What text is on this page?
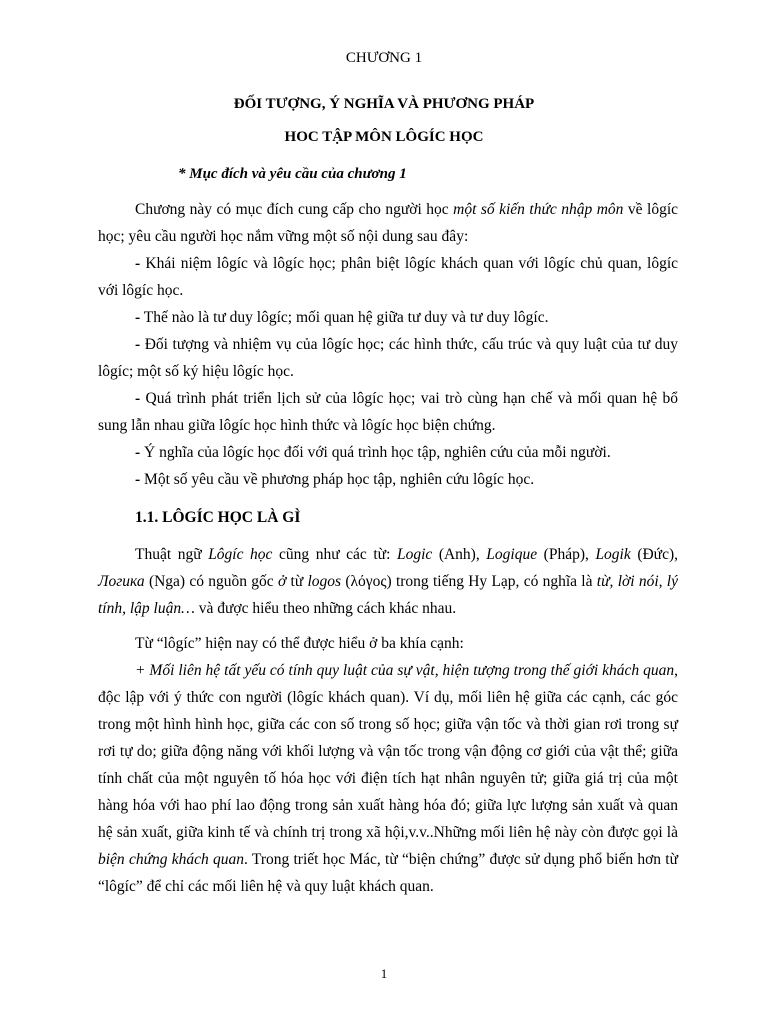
CHƯƠNG 1
ĐỐI TƯỢNG, Ý NGHĨA VÀ PHƯƠNG PHÁP
HOC TẬP MÔN LÔGÍC HỌC
* Mục đích và yêu cầu của chương 1

Chương này có mục đích cung cấp cho người học một số kiến thức nhập môn về lôgíc học; yêu cầu người học nắm vững một số nội dung sau đây:

- Khái niệm lôgíc và lôgíc học; phân biệt lôgíc khách quan với lôgíc chủ quan, lôgíc với lôgíc học.

- Thế nào là tư duy lôgíc; mối quan hệ giữa tư duy và tư duy lôgíc.

- Đối tượng và nhiệm vụ của lôgíc học; các hình thức, cấu trúc và quy luật của tư duy lôgíc; một số ký hiệu lôgíc học.

- Quá trình phát triển lịch sử của lôgíc học; vai trò cùng hạn chế và mối quan hệ bổ sung lẫn nhau giữa lôgíc học hình thức và lôgíc học biện chứng.

- Ý nghĩa của lôgíc học đối với quá trình học tập, nghiên cứu của mỗi người.

- Một số yêu cầu về phương pháp học tập, nghiên cứu lôgíc học.

1.1. LÔGÍC HỌC LÀ GÌ

Thuật ngữ Lôgíc học cũng như các từ: Logic (Anh), Logique (Pháp), Logik (Đức), Логика (Nga) có nguồn gốc ở từ logos (λόγος) trong tiếng Hy Lạp, có nghĩa là từ, lời nói, lý tính, lập luận… và được hiểu theo những cách khác nhau.

Từ “lôgíc” hiện nay có thể được hiểu ở ba khía cạnh:

+ Mối liên hệ tất yếu có tính quy luật của sự vật, hiện tượng trong thế giới khách quan, độc lập với ý thức con người (lôgíc khách quan). Ví dụ, mối liên hệ giữa các cạnh, các góc trong một hình hình học, giữa các con số trong số học; giữa vận tốc và thời gian rơi trong sự rơi tự do; giữa động năng với khối lượng và vận tốc trong vận động cơ giới của vật thể; giữa tính chất của một nguyên tố hóa học với điện tích hạt nhân nguyên tử; giữa giá trị của một hàng hóa với hao phí lao động trong sản xuất hàng hóa đó; giữa lực lượng sản xuất và quan hệ sản xuất, giữa kinh tế và chính trị trong xã hội,v.v..Những mối liên hệ này còn được gọi là biện chứng khách quan. Trong triết học Mác, từ “biện chứng” được sử dụng phổ biến hơn từ “lôgíc” để chỉ các mối liên hệ và quy luật khách quan.

1
